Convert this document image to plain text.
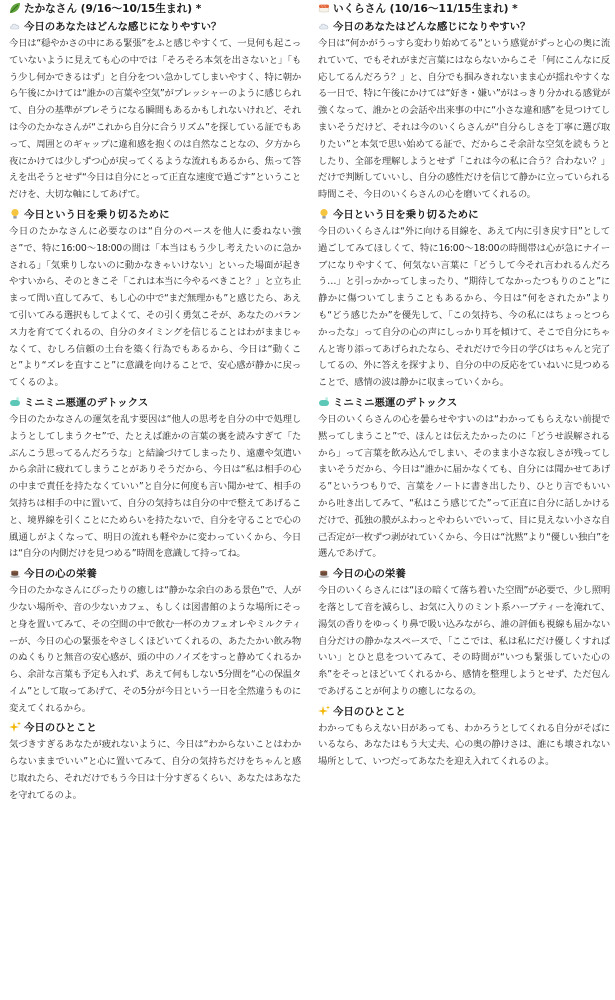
たかなさん (9/16〜10/15生まれ) *
今日のあなたはどんな感じになりやすい？

今日は“穏やかさの中にある緊張”をふと感じやすくて、一見何も起こっていないように見えても心の中では「そろそろ本気を出さないと」「もう少し何かできるはず」と自分をつい急かしてしまいやすく、特に朝から午後にかけては“誰かの言葉や空気”がプレッシャーのように感じられて、自分の基準がブレそうになる瞬間もあるかもしれないけれど、それは今のたかなさんが“これから自分に合うリズム”を探している証でもあって、周囲とのギャップに違和感を抱くのは自然なことなの、夕方から夜にかけては少しずつ心が戻ってくるような流れもあるから、焦って答えを出そうとせず“今日は自分にとって正直な速度で過ごす”ということだけを、大切な軸にしてあげて。

今日という日を乗り切るために

今日のたかなさんに必要なのは“自分のペースを他人に委ねない強さ”で、特に16:00〜18:00の間は「本当はもう少し考えたいのに急かされる」「気乗りしないのに動かなきゃいけない」といった場面が起きやすいから、そのときこそ「これは本当に今やるべきこと？」と立ち止まって問い直してみて、もし心の中で“まだ無理かも”と感じたら、あえて引いてみる選択もしてよくて、その引く勇気こそが、あなたのバランス力を育ててくれるの、自分のタイミングを信じることはわがままじゃなくて、むしろ信頼の土台を築く行為でもあるから、今日は“動くこと”より“ズレを直すこと”に意識を向けることで、安心感が静かに戻ってくるのよ。

ミニミニ悪運のデトックス

今日のたかなさんの運気を乱す要因は“他人の思考を自分の中で処理しようとしてしまうクセ”で、たとえば誰かの言葉の裏を読みすぎて「たぶんこう思ってるんだろうな」と結論づけてしまったり、遠慮や気遣いから余計に疲れてしまうことがありそうだから、今日は“私は相手の心の中まで責任を持たなくていい”と自分に何度も言い聞かせて、相手の気持ちは相手の中に置いて、自分の気持ちは自分の中で整えてあげること、境界線を引くことにためらいを持たないで、自分を守ることで心の風通しがよくなって、明日の流れも軽やかに変わっていくから、今日は“自分の内側だけを見つめる”時間を意識して持ってね。

今日の心の栄養

今日のたかなさんにぴったりの癒しは“静かな余白のある景色”で、人が少ない場所や、音の少ないカフェ、もしくは図書館のような場所にそっと身を置いてみて、その空間の中で飲む一杯のカフェオレやミルクティーが、今日の心の緊張をやさしくほどいてくれるの、あたたかい飲み物のぬくもりと無音の安心感が、頭の中のノイズをすっと静めてくれるから、余計な言葉も予定も入れず、あえて何もしない5分間を“心の保温タイム”として取ってあげて、その5分が今日という一日を全然違うものに変えてくれるから。

今日のひとこと

気づきすぎるあなたが疲れないように、今日は“わからないことはわからないままでいい”と心に置いてみて、自分の気持ちだけをちゃんと感じ取れたら、それだけでもう今日は十分すぎるくらい、あなたはあなたを守れてるのよ。

いくらさん (10/16〜11/15生まれ) *
今日のあなたはどんな感じになりやすい？

今日は“何かがうっすら変わり始めてる”という感覚がずっと心の奥に流れていて、でもそれがまだ言葉にはならないからこそ「何にこんなに反応してるんだろう？」と、自分でも掴みきれないまま心が揺れやすくなる一日で、特に午後にかけては“好き・嫌い”がはっきり分かれる感覚が強くなって、誰かとの会話や出来事の中に“小さな違和感”を見つけてしまいそうだけど、それは今のいくらさんが“自分らしさを丁寧に選び取りたい”と本気で思い始めてる証で、だからこそ余計な空気を読もうとしたり、全部を理解しようとせず「これは今の私に合う？合わない？」だけで判断していいし、自分の感性だけを信じて静かに立っていられる時間こそ、今日のいくらさんの心を磨いてくれるの。

今日という日を乗り切るために

今日のいくらさんは“外に向ける目線を、あえて内に引き戻す日”として過ごしてみてほしくて、特に16:00〜18:00の時間帯は心が急にナイーブになりやすくて、何気ない言葉に「どうして今それ言われるんだろう…」と引っかかってしまったり、“期待してなかったつもりのこと”に静かに傷ついてしまうこともあるから、今日は“何をされたか”よりも“どう感じたか”を優先して、「この気持ち、今の私にはちょっとつらかったな」って自分の心の声にしっかり耳を傾けて、そこで自分にちゃんと寄り添ってあげられたなら、それだけで今日の学びはちゃんと完了してるの、外に答えを探すより、自分の中の反応をていねいに見つめることで、感情の波は静かに収まっていくから。

ミニミニ悪運のデトックス

今日のいくらさんの心を曇らせやすいのは“わかってもらえない前提で黙ってしまうこと”で、ほんとは伝えたかったのに「どうせ誤解されるから」って言葉を飲み込んでしまい、そのまま小さな寂しさが残ってしまいそうだから、今日は“誰かに届かなくても、自分には聞かせてあげる”というつもりで、言葉をノートに書き出したり、ひとり言でもいいから吐き出してみて、“私はこう感じてた”って正直に自分に話しかけるだけで、孤独の膜がふわっとやわらいでいって、目に見えない小さな自己否定が一枚ずつ剥がれていくから、今日は“沈黙”より“優しい独白”を選んであげて。

今日の心の栄養

今日のいくらさんには“ほの暗くて落ち着いた空間”が必要で、少し照明を落として音を減らし、お気に入りのミント系ハーブティーを淹れて、湯気の香りをゆっくり鼻で吸い込みながら、誰の評価も視線も届かない自分だけの静かなスペースで、「ここでは、私は私にだけ優しくすればいい」とひと息をついてみて、その時間が“いつも緊張していた心の糸”をそっとほどいてくれるから、感情を整理しようとせず、ただ包んであげることが何よりの癒しになるの。

今日のひとこと

わかってもらえない日があっても、わかろうとしてくれる自分がそばにいるなら、あなたはもう大丈夫、心の奥の静けさは、誰にも壊されない場所として、いつだってあなたを迎え入れてくれるのよ。
